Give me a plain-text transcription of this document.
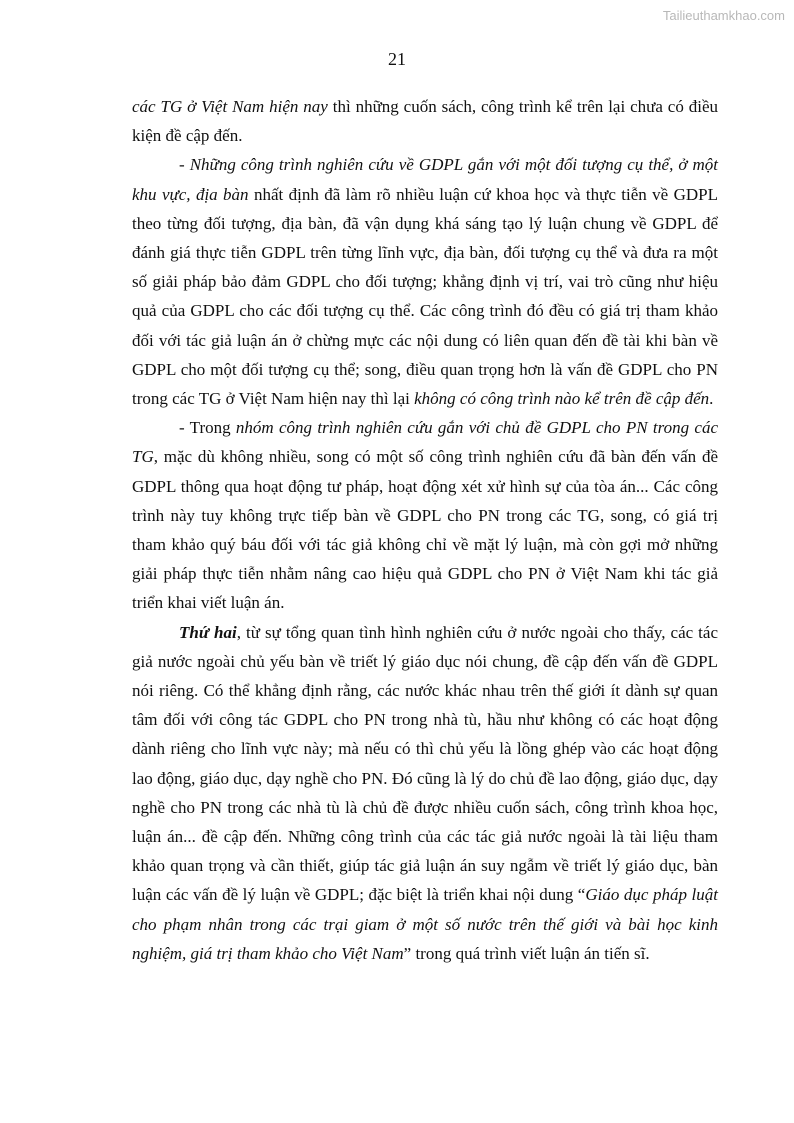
Tailieuthamkhao.com
21

các TG ở Việt Nam hiện nay thì những cuốn sách, công trình kể trên lại chưa có điều kiện đề cập đến.

- Những công trình nghiên cứu về GDPL gắn với một đối tượng cụ thể, ở một khu vực, địa bàn nhất định đã làm rõ nhiều luận cứ khoa học và thực tiễn về GDPL theo từng đối tượng, địa bàn, đã vận dụng khá sáng tạo lý luận chung về GDPL để đánh giá thực tiễn GDPL trên từng lĩnh vực, địa bàn, đối tượng cụ thể và đưa ra một số giải pháp bảo đảm GDPL cho đối tượng; khẳng định vị trí, vai trò cũng như hiệu quả của GDPL cho các đối tượng cụ thể. Các công trình đó đều có giá trị tham khảo đối với tác giả luận án ở chừng mực các nội dung có liên quan đến đề tài khi bàn về GDPL cho một đối tượng cụ thể; song, điều quan trọng hơn là vấn đề GDPL cho PN trong các TG ở Việt Nam hiện nay thì lại không có công trình nào kể trên đề cập đến.

- Trong nhóm công trình nghiên cứu gắn với chủ đề GDPL cho PN trong các TG, mặc dù không nhiều, song có một số công trình nghiên cứu đã bàn đến vấn đề GDPL thông qua hoạt động tư pháp, hoạt động xét xử hình sự của tòa án... Các công trình này tuy không trực tiếp bàn về GDPL cho PN trong các TG, song, có giá trị tham khảo quý báu đối với tác giả không chỉ về mặt lý luận, mà còn gợi mở những giải pháp thực tiễn nhằm nâng cao hiệu quả GDPL cho PN ở Việt Nam khi tác giả triển khai viết luận án.

Thứ hai, từ sự tổng quan tình hình nghiên cứu ở nước ngoài cho thấy, các tác giả nước ngoài chủ yếu bàn về triết lý giáo dục nói chung, đề cập đến vấn đề GDPL nói riêng. Có thể khẳng định rằng, các nước khác nhau trên thế giới ít dành sự quan tâm đối với công tác GDPL cho PN trong nhà tù, hầu như không có các hoạt động dành riêng cho lĩnh vực này; mà nếu có thì chủ yếu là lồng ghép vào các hoạt động lao động, giáo dục, dạy nghề cho PN. Đó cũng là lý do chủ đề lao động, giáo dục, dạy nghề cho PN trong các nhà tù là chủ đề được nhiều cuốn sách, công trình khoa học, luận án... đề cập đến. Những công trình của các tác giả nước ngoài là tài liệu tham khảo quan trọng và cần thiết, giúp tác giả luận án suy ngẫm về triết lý giáo dục, bàn luận các vấn đề lý luận về GDPL; đặc biệt là triển khai nội dung “Giáo dục pháp luật cho phạm nhân trong các trại giam ở một số nước trên thế giới và bài học kinh nghiệm, giá trị tham khảo cho Việt Nam” trong quá trình viết luận án tiến sĩ.
